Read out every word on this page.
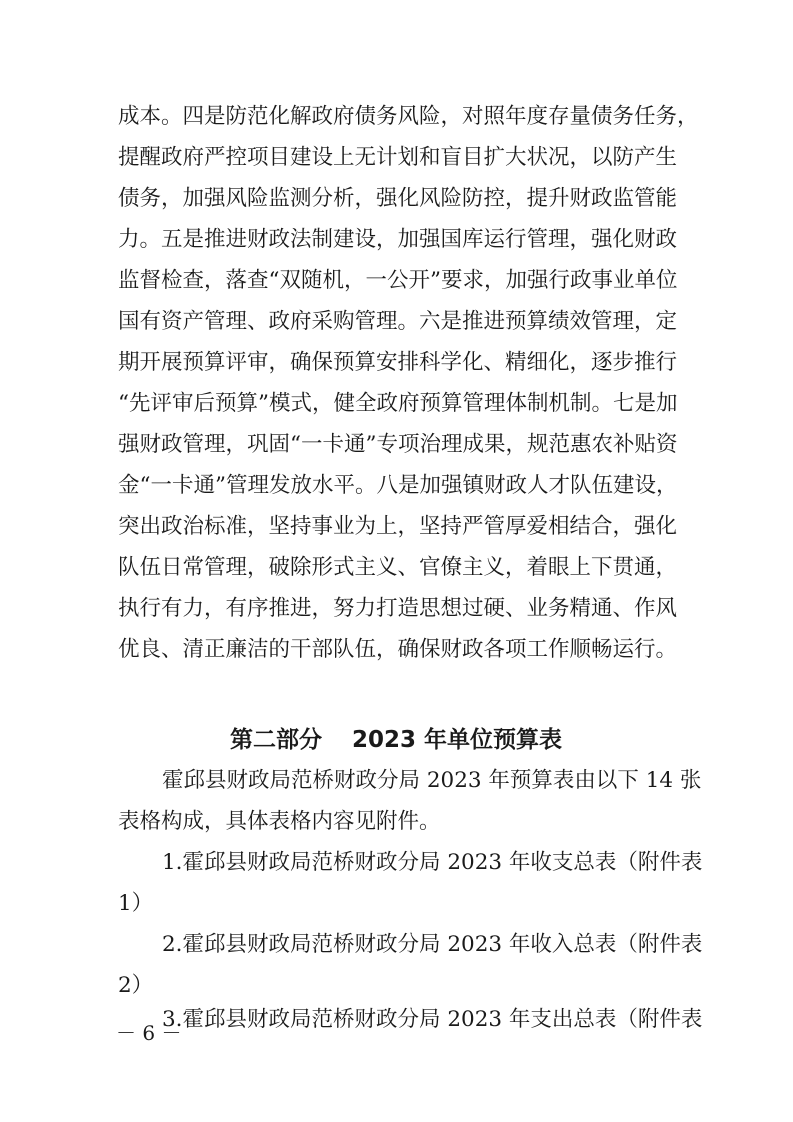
成本。四是防范化解政府债务风险，对照年度存量债务任务，
提醒政府严控项目建设上无计划和盲目扩大状况，以防产生
债务，加强风险监测分析，强化风险防控，提升财政监管能
力。五是推进财政法制建设，加强国库运行管理，强化财政
监督检查，落查“双随机，一公开”要求，加强行政事业单位
国有资产管理、政府采购管理。六是推进预算绩效管理，定
期开展预算评审，确保预算安排科学化、精细化，逐步推行
“先评审后预算”模式，健全政府预算管理体制机制。七是加
强财政管理，巩固“一卡通”专项治理成果，规范惠农补贴资
金“一卡通”管理发放水平。八是加强镇财政人才队伍建设，
突出政治标准，坚持事业为上，坚持严管厚爱相结合，强化
队伍日常管理，破除形式主义、官僚主义，着眼上下贯通，
执行有力，有序推进，努力打造思想过硬、业务精通、作风
优良、清正廉洁的干部队伍，确保财政各项工作顺畅运行。
第二部分 2023 年单位预算表
霍邱县财政局范桥财政分局 2023 年预算表由以下 14 张
表格构成，具体表格内容见附件。
1.霍邱县财政局范桥财政分局 2023 年收支总表（附件表
1）
2.霍邱县财政局范桥财政分局 2023 年收入总表（附件表
2）
3.霍邱县财政局范桥财政分局 2023 年支出总表（附件表
－ 6 －
